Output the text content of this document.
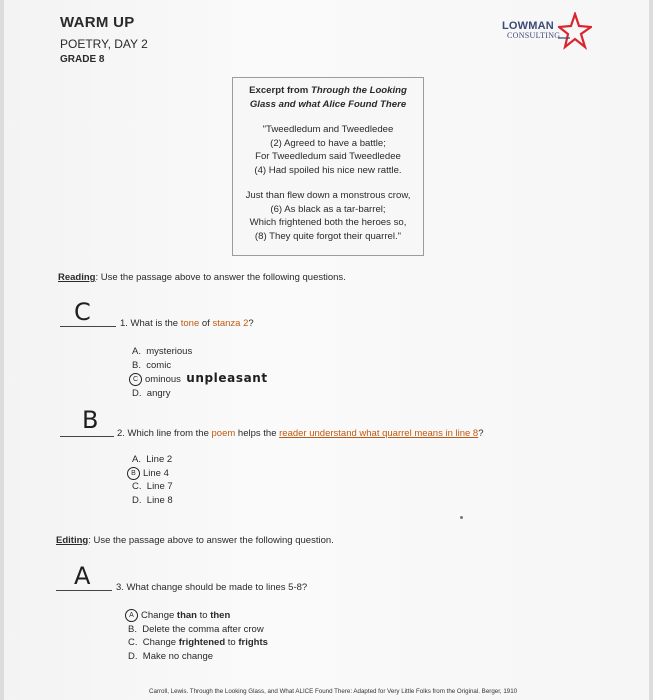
WARM UP
POETRY, DAY 2
GRADE 8
LOWMAN
CONSULTING
Excerpt from Through the Looking
Glass and what Alice Found There
"Tweedledum and Tweedledee
(2) Agreed to have a battle;
For Tweedledum said Tweedledee
(4) Had spoiled his nice new rattle.
Just than flew down a monstrous crow,
(6) As black as a tar-barrel;
Which frightened both the heroes so,
(8) They quite forgot their quarrel."
Reading: Use the passage above to answer the following questions.
C	1. What is the tone of stanza 2?
A. mysterious
B. comic
C ominous unpleasant
D. angry
B 2. Which line from the poem helps the reader understand what quarrel means in line 8?
A. Line 2
B Line 4
C. Line 7
D. Line 8
Editing: Use the passage above to answer the following question.
A	3. What change should be made to lines 5-8?
A Change than to then
B. Delete the comma after crow
C. Change frightened to frights
D. Make no change
Carroll, Lewis. Through the Looking Glass, and What ALICE Found There: Adapted for Very Little Folks from the Original. Berger, 1910
